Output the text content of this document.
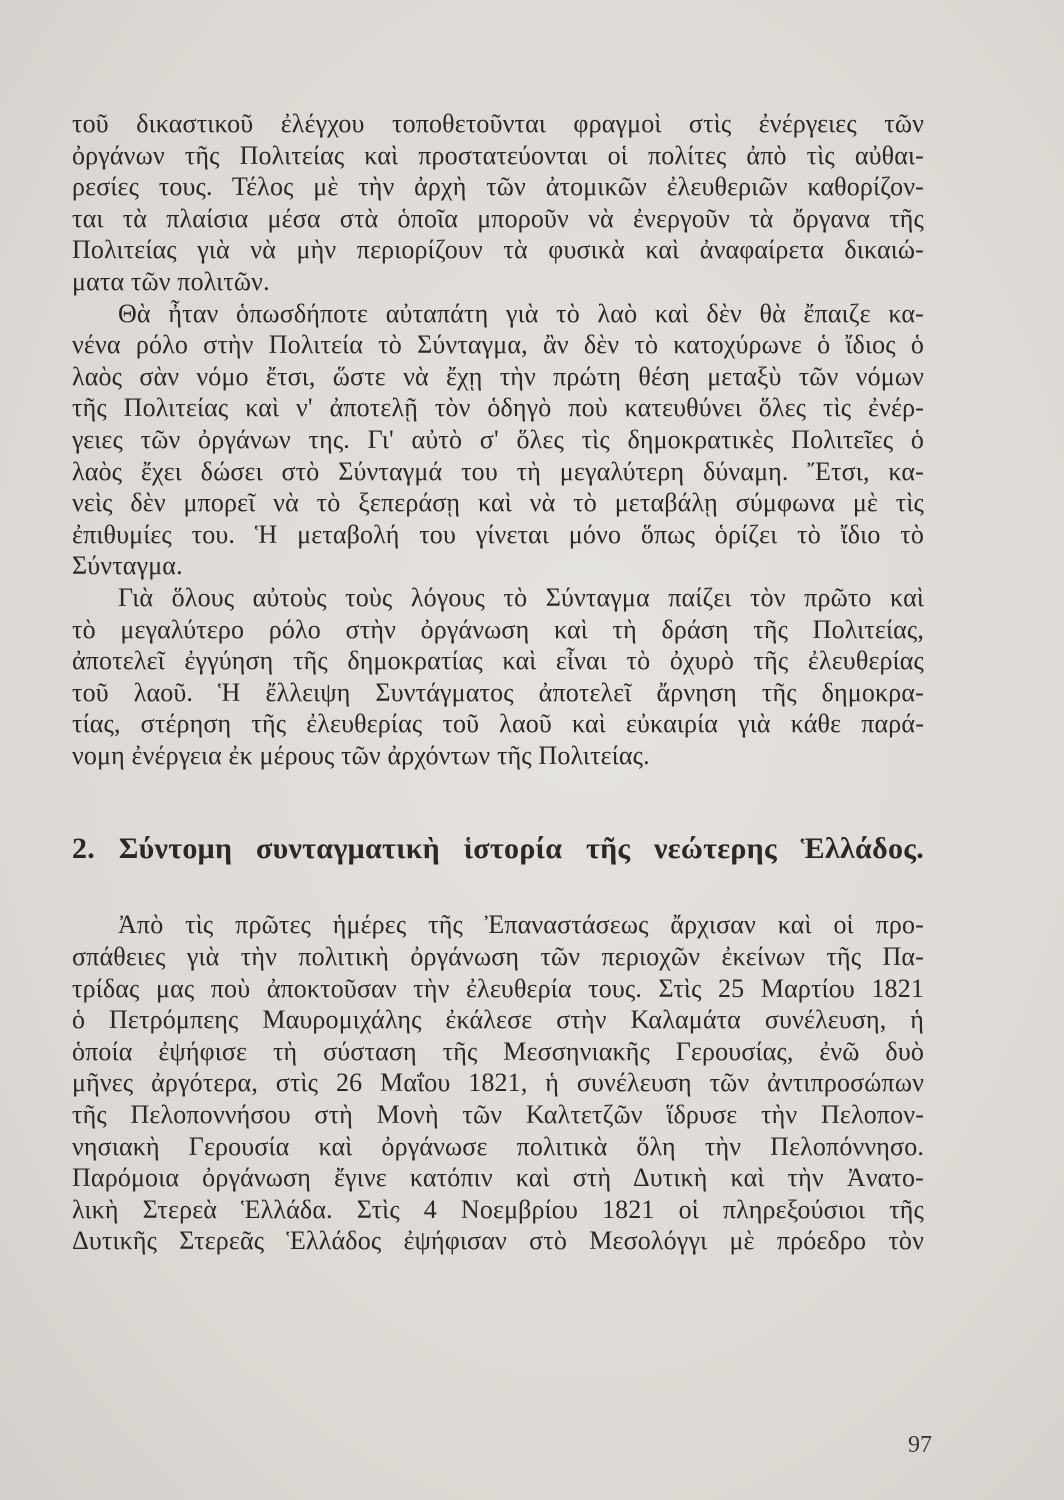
τοῦ δικαστικοῦ ἐλέγχου τοποθετοῦνται φραγμοὶ στὶς ἐνέργειες τῶν
ὀργάνων τῆς Πολιτείας καὶ προστατεύονται οἱ πολίτες ἀπὸ τὶς αὐθαι-
ρεσίες τους. Τέλος μὲ τὴν ἀρχὴ τῶν ἀτομικῶν ἐλευθεριῶν καθορίζον-
ται τὰ πλαίσια μέσα στὰ ὁποῖα μποροῦν νὰ ἐνεργοῦν τὰ ὄργανα τῆς
Πολιτείας γιὰ νὰ μὴν περιορίζουν τὰ φυσικὰ καὶ ἀναφαίρετα δικαιώ-
ματα τῶν πολιτῶν.
Θὰ ἦταν ὁπωσδήποτε αὐταπάτη γιὰ τὸ λαὸ καὶ δὲν θὰ ἔπαιζε κα-
νένα ρόλο στὴν Πολιτεία τὸ Σύνταγμα, ἂν δὲν τὸ κατοχύρωνε ὁ ἴδιος ὁ
λαὸς σὰν νόμο ἔτσι, ὥστε νὰ ἔχῃ τὴν πρώτη θέση μεταξὺ τῶν νόμων
τῆς Πολιτείας καὶ ν' ἀποτελῇ τὸν ὁδηγὸ ποὺ κατευθύνει ὅλες τὶς ἐνέρ-
γειες τῶν ὀργάνων της. Γι' αὐτὸ σ' ὅλες τὶς δημοκρατικὲς Πολιτεῖες ὁ
λαὸς ἔχει δώσει στὸ Σύνταγμά του τὴ μεγαλύτερη δύναμη. Ἔτσι, κα-
νεὶς δὲν μπορεῖ νὰ τὸ ξεπεράσῃ καὶ νὰ τὸ μεταβάλῃ σύμφωνα μὲ τὶς
ἐπιθυμίες του. Ἡ μεταβολή του γίνεται μόνο ὅπως ὁρίζει τὸ ἴδιο τὸ
Σύνταγμα.
Γιὰ ὅλους αὐτοὺς τοὺς λόγους τὸ Σύνταγμα παίζει τὸν πρῶτο καὶ
τὸ μεγαλύτερο ρόλο στὴν ὀργάνωση καὶ τὴ δράση τῆς Πολιτείας,
ἀποτελεῖ ἐγγύηση τῆς δημοκρατίας καὶ εἶναι τὸ ὀχυρὸ τῆς ἐλευθερίας
τοῦ λαοῦ. Ἡ ἔλλειψη Συντάγματος ἀποτελεῖ ἄρνηση τῆς δημοκρα-
τίας, στέρηση τῆς ἐλευθερίας τοῦ λαοῦ καὶ εὐκαιρία γιὰ κάθε παρά-
νομη ἐνέργεια ἐκ μέρους τῶν ἀρχόντων τῆς Πολιτείας.
2. Σύντομη συνταγματικὴ ἱστορία τῆς νεώτερης Ἑλλάδος.
Ἀπὸ τὶς πρῶτες ἡμέρες τῆς Ἐπαναστάσεως ἄρχισαν καὶ οἱ προ-
σπάθειες γιὰ τὴν πολιτικὴ ὀργάνωση τῶν περιοχῶν ἐκείνων τῆς Πα-
τρίδας μας ποὺ ἀποκτοῦσαν τὴν ἐλευθερία τους. Στὶς 25 Μαρτίου 1821
ὁ Πετρόμπεης Μαυρομιχάλης ἐκάλεσε στὴν Καλαμάτα συνέλευση, ἡ
ὁποία ἐψήφισε τὴ σύσταση τῆς Μεσσηνιακῆς Γερουσίας, ἐνῶ δυὸ
μῆνες ἀργότερα, στὶς 26 Μαΐου 1821, ἡ συνέλευση τῶν ἀντιπροσώπων
τῆς Πελοποννήσου στὴ Μονὴ τῶν Καλτετζῶν ἵδρυσε τὴν Πελοπον-
νησιακὴ Γερουσία καὶ ὀργάνωσε πολιτικὰ ὅλη τὴν Πελοπόννησο.
Παρόμοια ὀργάνωση ἔγινε κατόπιν καὶ στὴ Δυτικὴ καὶ τὴν Ἀνατο-
λικὴ Στερεὰ Ἑλλάδα. Στὶς 4 Νοεμβρίου 1821 οἱ πληρεξούσιοι τῆς
Δυτικῆς Στερεᾶς Ἑλλάδος ἐψήφισαν στὸ Μεσολόγγι μὲ πρόεδρο τὸν
97
